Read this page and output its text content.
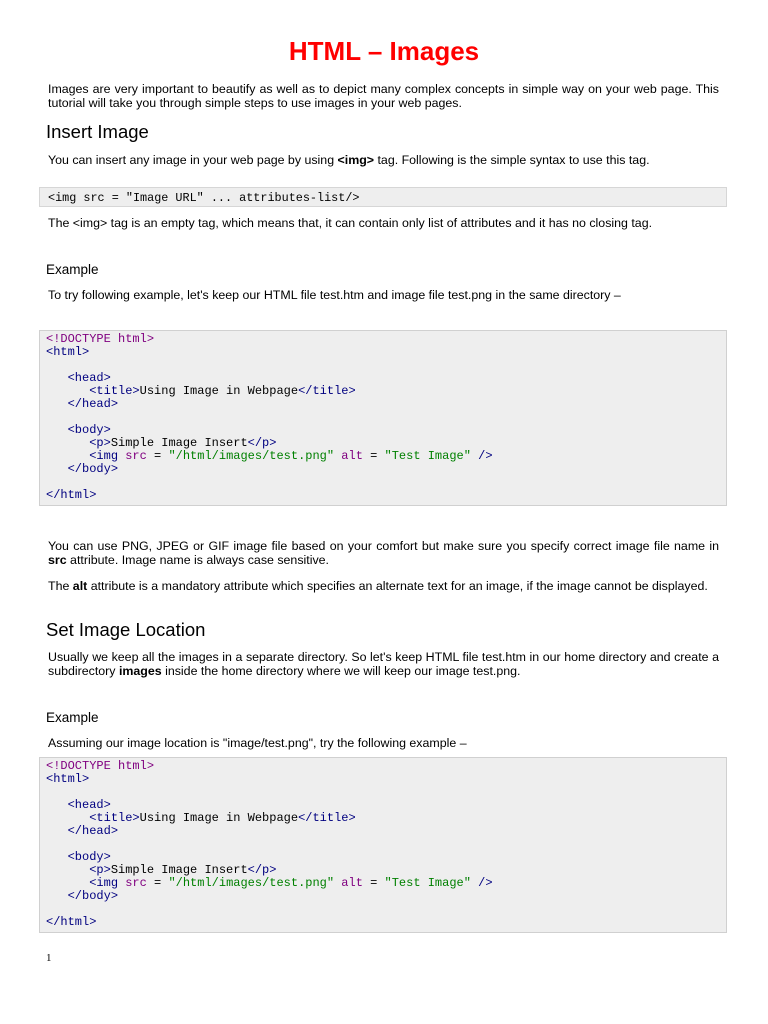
HTML – Images

Images are very important to beautify as well as to depict many complex concepts in simple way on your web page. This tutorial will take you through simple steps to use images in your web pages.

Insert Image

You can insert any image in your web page by using <img> tag. Following is the simple syntax to use this tag.

<img src = "Image URL" ... attributes-list/>

The <img> tag is an empty tag, which means that, it can contain only list of attributes and it has no closing tag.

Example

To try following example, let's keep our HTML file test.htm and image file test.png in the same directory –

<!DOCTYPE html>
<html>

<head>
<title>Using Image in Webpage</title>
</head>

<body>
<p>Simple Image Insert</p>
<img src = "/html/images/test.png" alt = "Test Image" />
</body>

</html>

You can use PNG, JPEG or GIF image file based on your comfort but make sure you specify correct image file name in src attribute. Image name is always case sensitive.

The alt attribute is a mandatory attribute which specifies an alternate text for an image, if the image cannot be displayed.

Set Image Location

Usually we keep all the images in a separate directory. So let's keep HTML file test.htm in our home directory and create a subdirectory images inside the home directory where we will keep our image test.png.

Example

Assuming our image location is "image/test.png", try the following example –

<!DOCTYPE html>
<html>

<head>
<title>Using Image in Webpage</title>
</head>

<body>
<p>Simple Image Insert</p>
<img src = "/html/images/test.png" alt = "Test Image" />
</body>

</html>
1
